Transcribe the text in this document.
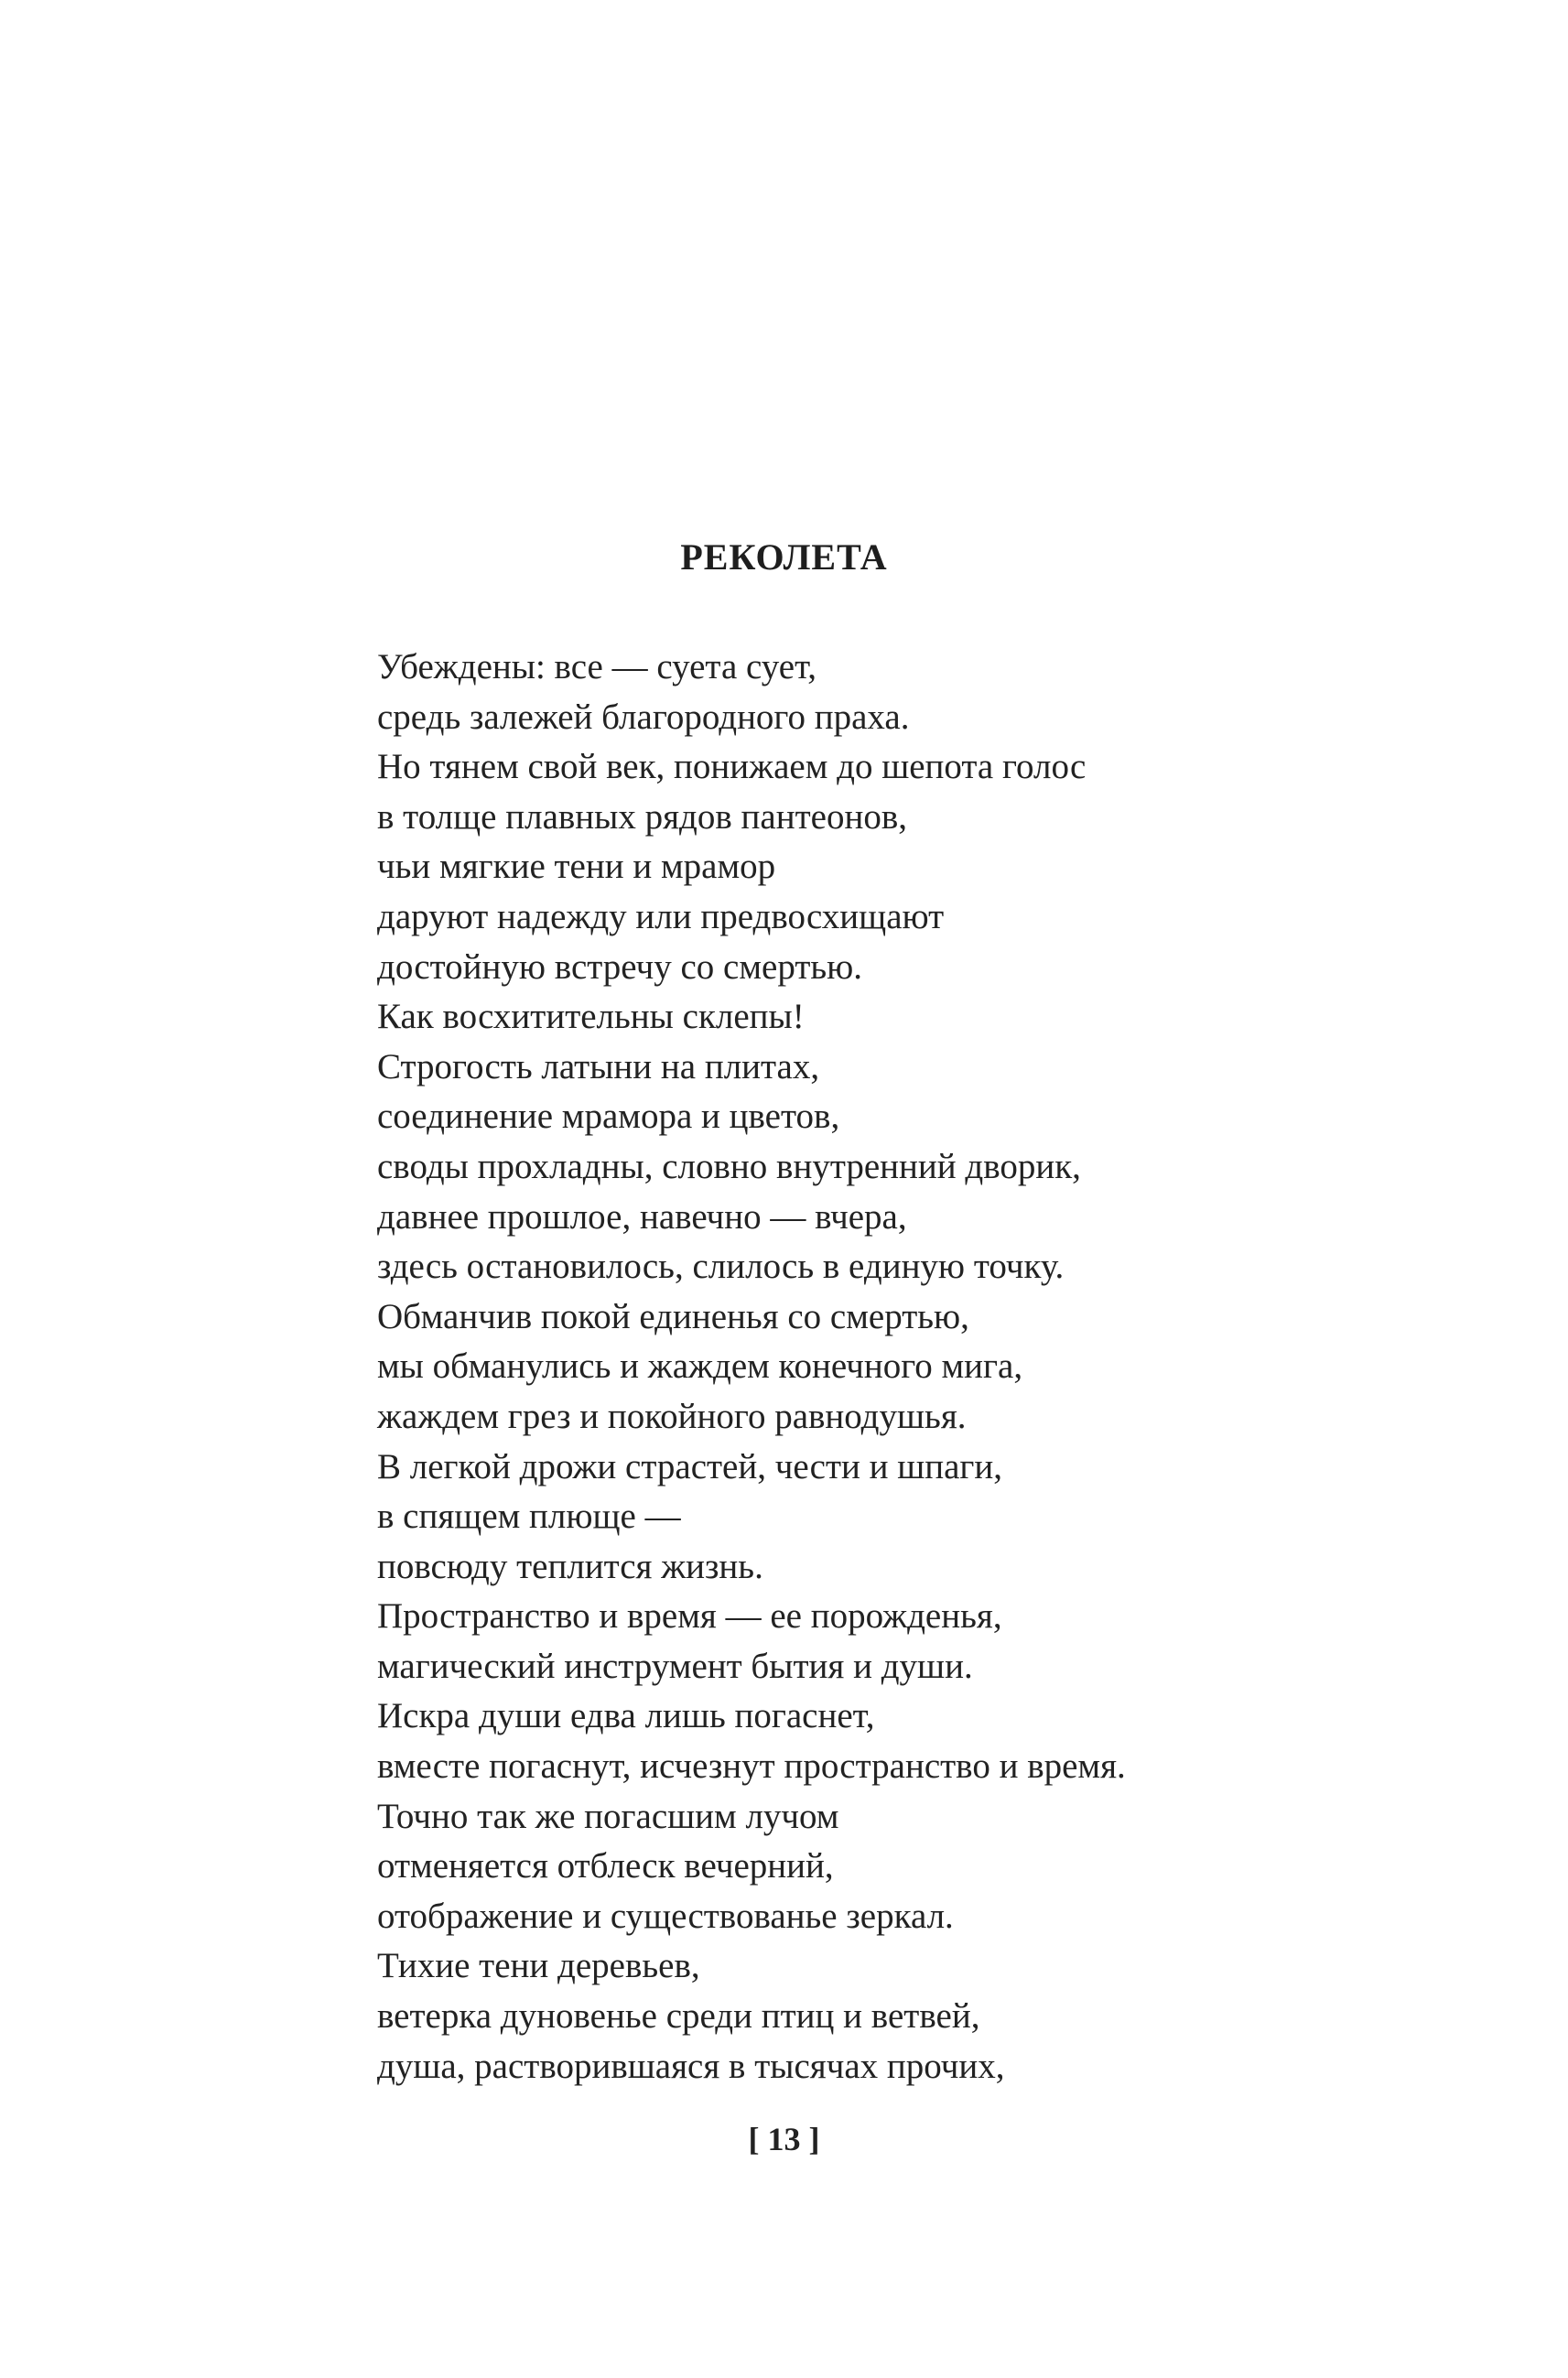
РЕКОЛЕТА
Убеждены: все — суета сует,
средь залежей благородного праха.
Но тянем свой век, понижаем до шепота голос
в толще плавных рядов пантеонов,
чьи мягкие тени и мрамор
даруют надежду или предвосхищают
достойную встречу со смертью.
Как восхитительны склепы!
Строгость латыни на плитах,
соединение мрамора и цветов,
своды прохладны, словно внутренний дворик,
давнее прошлое, навечно — вчера,
здесь остановилось, слилось в единую точку.
Обманчив покой единенья со смертью,
мы обманулись и жаждем конечного мига,
жаждем грез и покойного равнодушья.
В легкой дрожи страстей, чести и шпаги,
в спящем плюще —
повсюду теплится жизнь.
Пространство и время — ее порожденья,
магический инструмент бытия и души.
Искра души едва лишь погаснет,
вместе погаснут, исчезнут пространство и время.
Точно так же погасшим лучом
отменяется отблеск вечерний,
отображение и существованье зеркал.
Тихие тени деревьев,
ветерка дуновенье среди птиц и ветвей,
душа, растворившаяся в тысячах прочих,
[ 13 ]
